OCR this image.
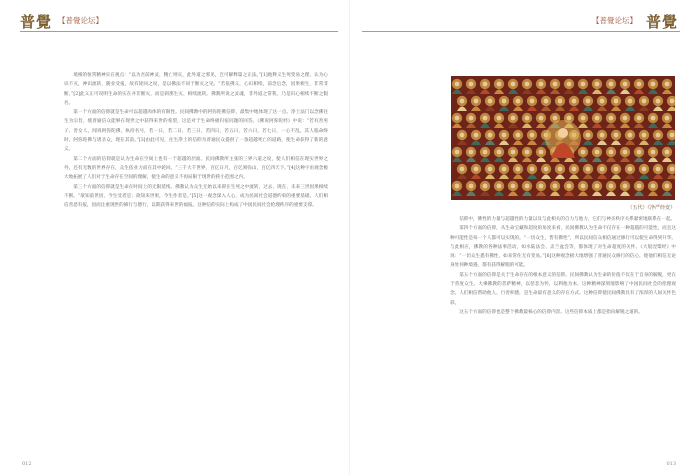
普覺 【普覺论坛】

境相的恒常精神实在观点：“以为吾前神灵，精亡则灭，此外道之邪见，岂可解释篇之正法。”[1]他释义生死变易之理，认为心识不灭，神识流转，随业受报，故有轮回之说，是以佛法不同于断灭之见。“若依佛义，心识相续，前念后念，因果相生，非常非断。”[2]此义正可说明生命的实在并非断灭，而是刹那生灭、相续流转。佛教所说之灵魂，非外道之常我，乃是识心相续不断之假名。

第一个方面的信仰就是生命可以超越肉体的有限性。民间佛教中的阿弥陀佛信仰，最集中地体现了这一点。净土法门以念佛往生为宗旨，使普通信众能够在现世之中获得来世的希望，这是对于生命终极归宿问题的回答。《佛说阿弥陀经》中说：“若有善男子、善女人，闻说阿弥陀佛，执持名号，若一日，若二日，若三日，若四日，若五日，若六日，若七日，一心不乱，其人临命终时，阿弥陀佛与诸圣众，现在其前。”[3]由此可见，往生净土的信仰为普通民众提供了一条超越死亡的道路，使生命获得了新的意义。

第二个方面的信仰就是认为生命在空间上也有一个超越的层面。民间佛教所主张的三界六道之说，使人们相信在现实世界之外，还有无数的世界存在，众生依业力而在其中轮回。“三千大千世界，百亿日月，百亿须弥山，百亿四天下。”[4]这种宇宙观念极大地拓展了人们对于生命存在空间的理解，使生命的意义不再局限于现世的狭小范围之内。

第三个方面的信仰就是生命在时间上的无限延续。佛教认为众生无始以来即在生死之中流转，过去、现在、未来三世因果相续不断。“欲知前世因，今生受者是；欲知来世果，今生作者是。”[5]这一观念深入人心，成为民间社会道德约束的重要基础，人们相信善恶有报，因而注重现世的修行与德行，以期获得来世的福报。这种信仰实际上构成了中国民间社会伦理秩序的重要支撑。

012
【普覺论坛】 普覺
（五代）《净严经变》

信仰中，佛性的力量与超越性的力量以及与此相关的自力与他力，它们与神圣秩序关系紧密地联系在一起。

第四个方面的信仰，从生命宝藏和超度的角度来看，民间佛教认为生命不仅存在一种超越的可能性，而且这种可能性是每一个人都可以实现的。“一切众生，皆有佛性”，所以民间信众相信通过修行可以使生命得到升华。与此相应，佛教的各种法事活动，如水陆法会、盂兰盆会等，都体现了对生命超度的关怀。《大般涅槃经》中说：“一切众生悉有佛性，如来常住无有变易。”[6]这种观念极大地增强了普通民众修行的信心，使他们相信无论身处何种境遇，都有获得解脱的可能。

第五个方面的信仰是关于生命存在的根本意义的信仰。民间佛教认为生命的价值不仅在于自身的解脱，更在于普度众生。大乘佛教的菩萨精神，以慈悲为怀，以利他为本，这种精神深刻地影响了中国民间社会的伦理观念。人们相信帮助他人、行善积德，是生命最有意义的存在方式。这种信仰使民间佛教具有了浓厚的人间关怀色彩。

这五个方面的信仰也是整个佛教最核心的信仰内容。这些信仰本质上都是指向解脱之道的。

013
